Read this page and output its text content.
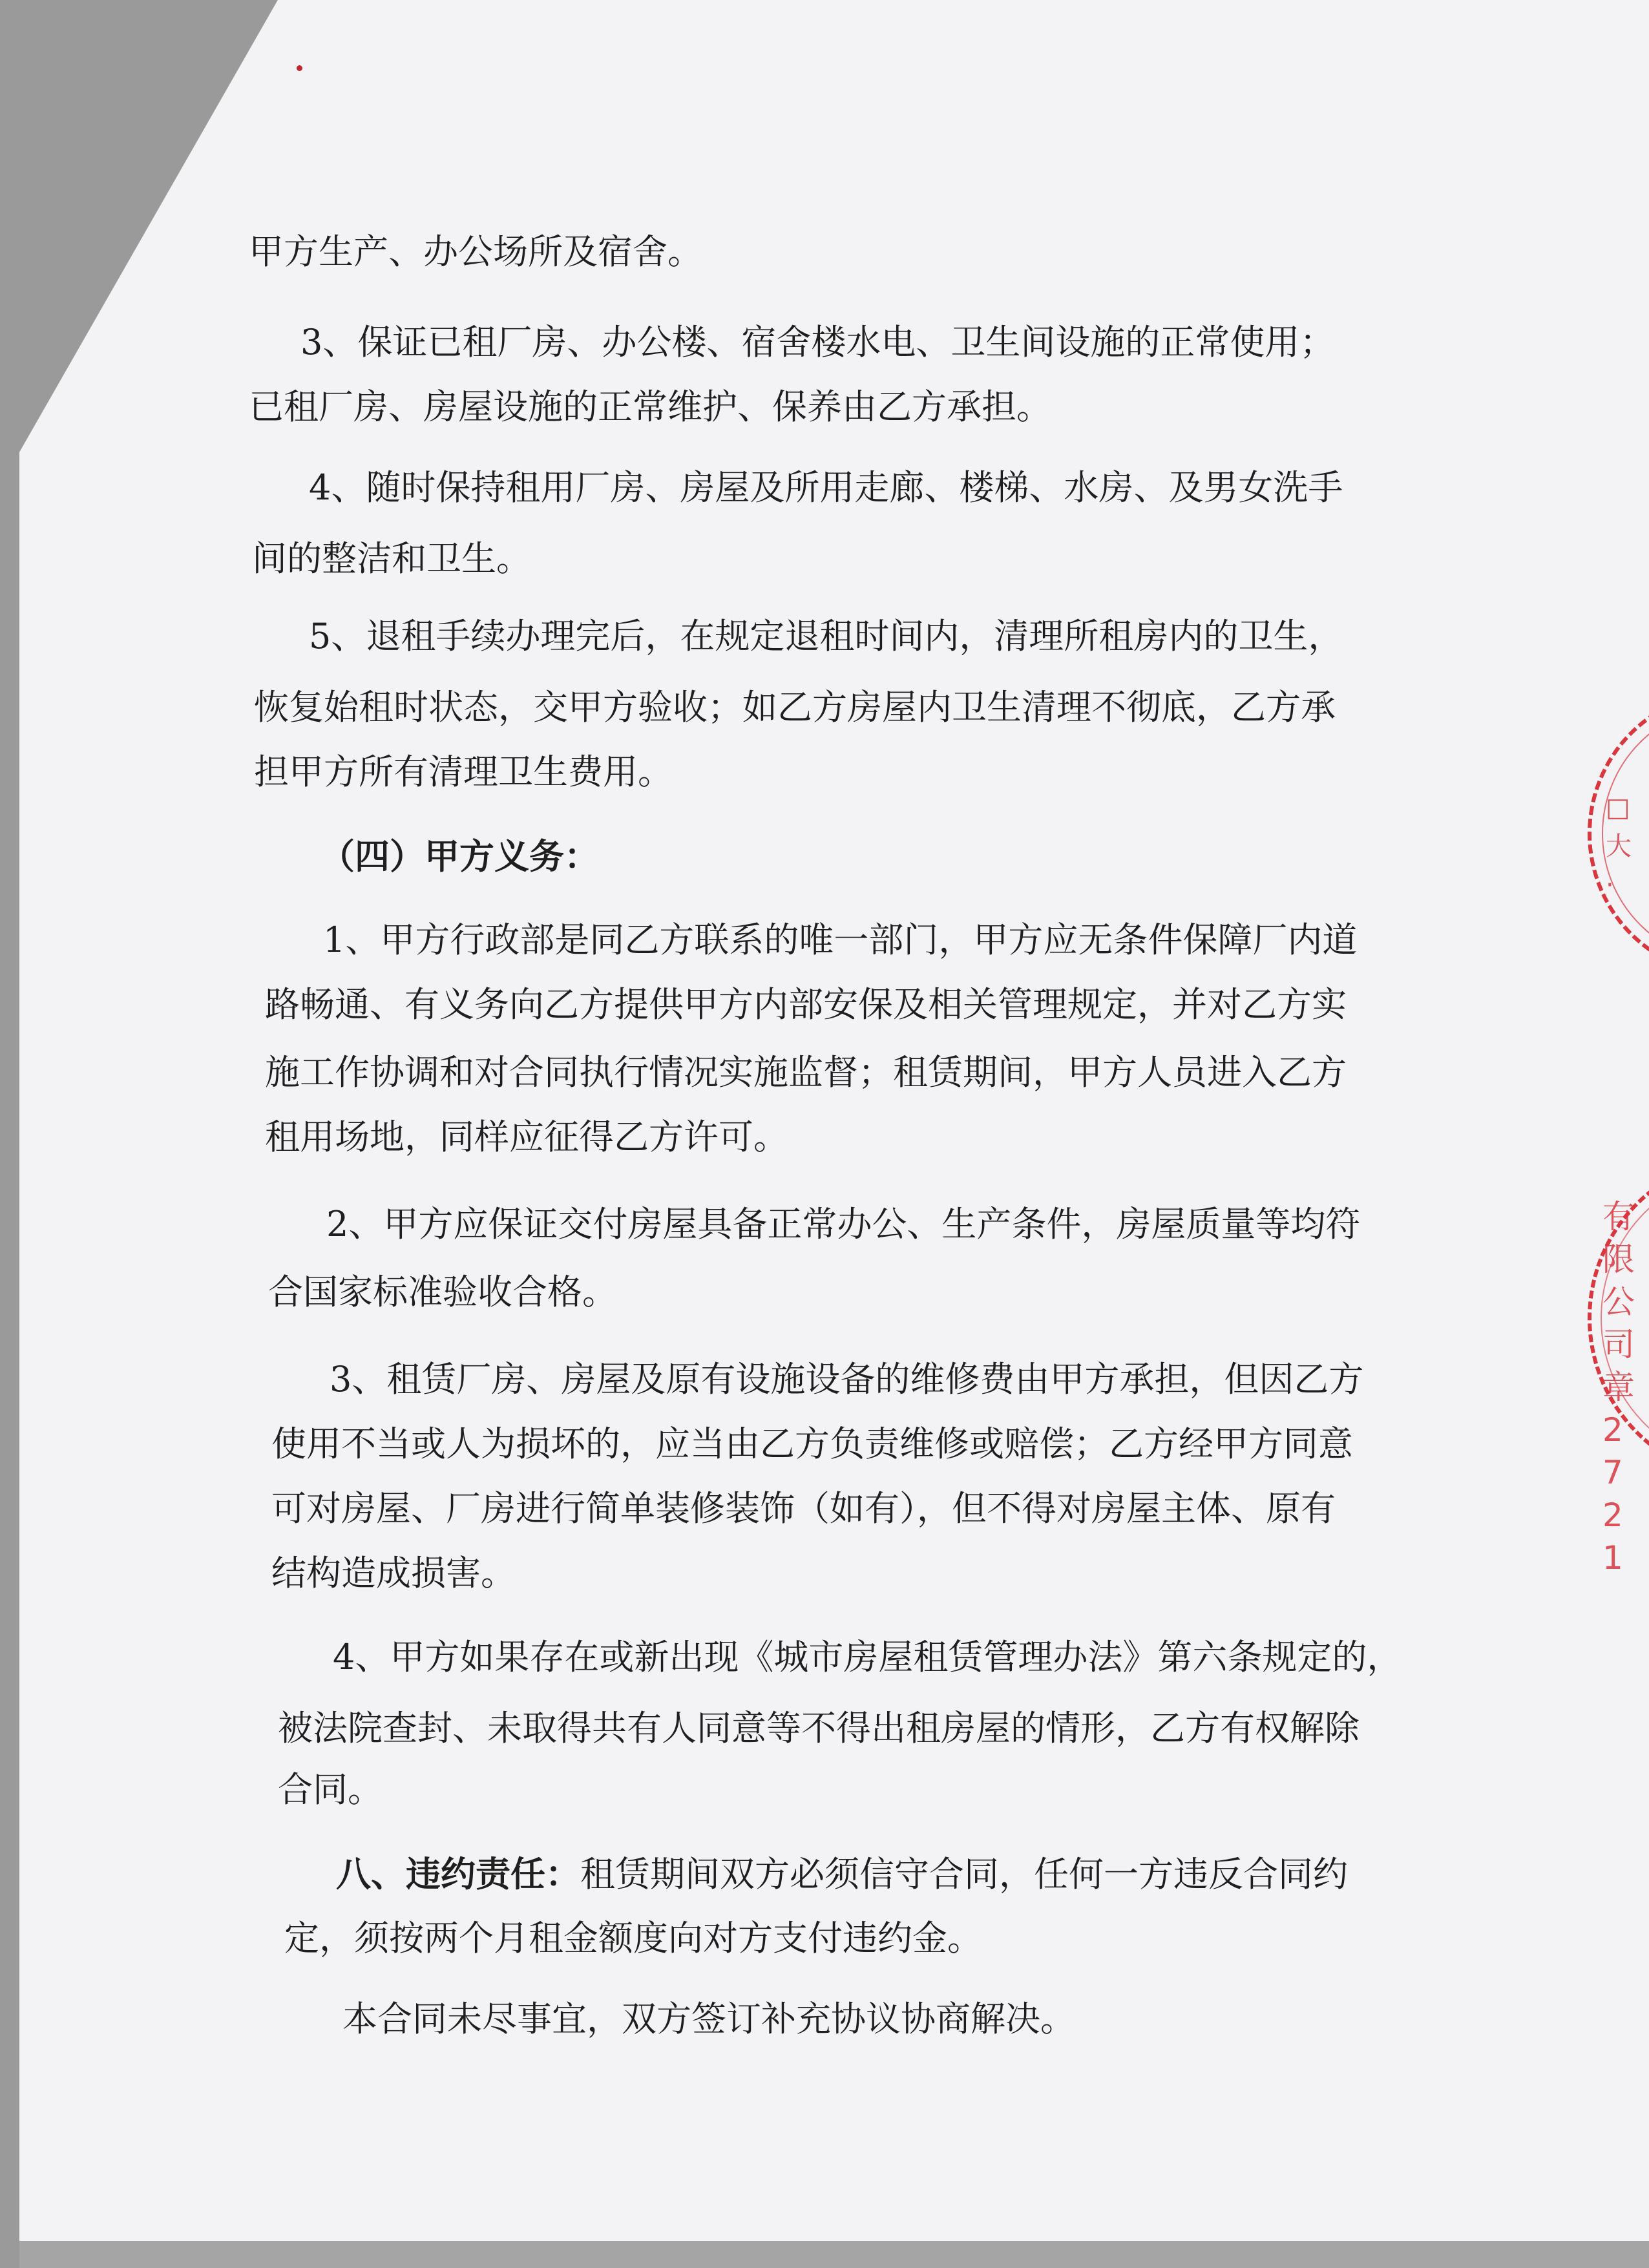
甲方生产、办公场所及宿舍。
3、保证已租厂房、办公楼、宿舍楼水电、卫生间设施的正常使用；
已租厂房、房屋设施的正常维护、保养由乙方承担。
4、随时保持租用厂房、房屋及所用走廊、楼梯、水房、及男女洗手
间的整洁和卫生。
5、退租手续办理完后，在规定退租时间内，清理所租房内的卫生，
恢复始租时状态，交甲方验收；如乙方房屋内卫生清理不彻底，乙方承
担甲方所有清理卫生费用。
（四）甲方义务：
1、甲方行政部是同乙方联系的唯一部门，甲方应无条件保障厂内道
路畅通、有义务向乙方提供甲方内部安保及相关管理规定，并对乙方实
施工作协调和对合同执行情况实施监督；租赁期间，甲方人员进入乙方
租用场地，同样应征得乙方许可。
2、甲方应保证交付房屋具备正常办公、生产条件，房屋质量等均符
合国家标准验收合格。
3、租赁厂房、房屋及原有设施设备的维修费由甲方承担，但因乙方
使用不当或人为损坏的，应当由乙方负责维修或赔偿；乙方经甲方同意
可对房屋、厂房进行简单装修装饰（如有），但不得对房屋主体、原有
结构造成损害。
4、甲方如果存在或新出现《城市房屋租赁管理办法》第六条规定的，
被法院查封、未取得共有人同意等不得出租房屋的情形，乙方有权解除
合同。
八、违约责任：租赁期间双方必须信守合同，任何一方违反合同约
定，须按两个月租金额度向对方支付违约金。
本合同未尽事宜，双方签订补充协议协商解决。
□ 大 ·
有限公司 章 2721
